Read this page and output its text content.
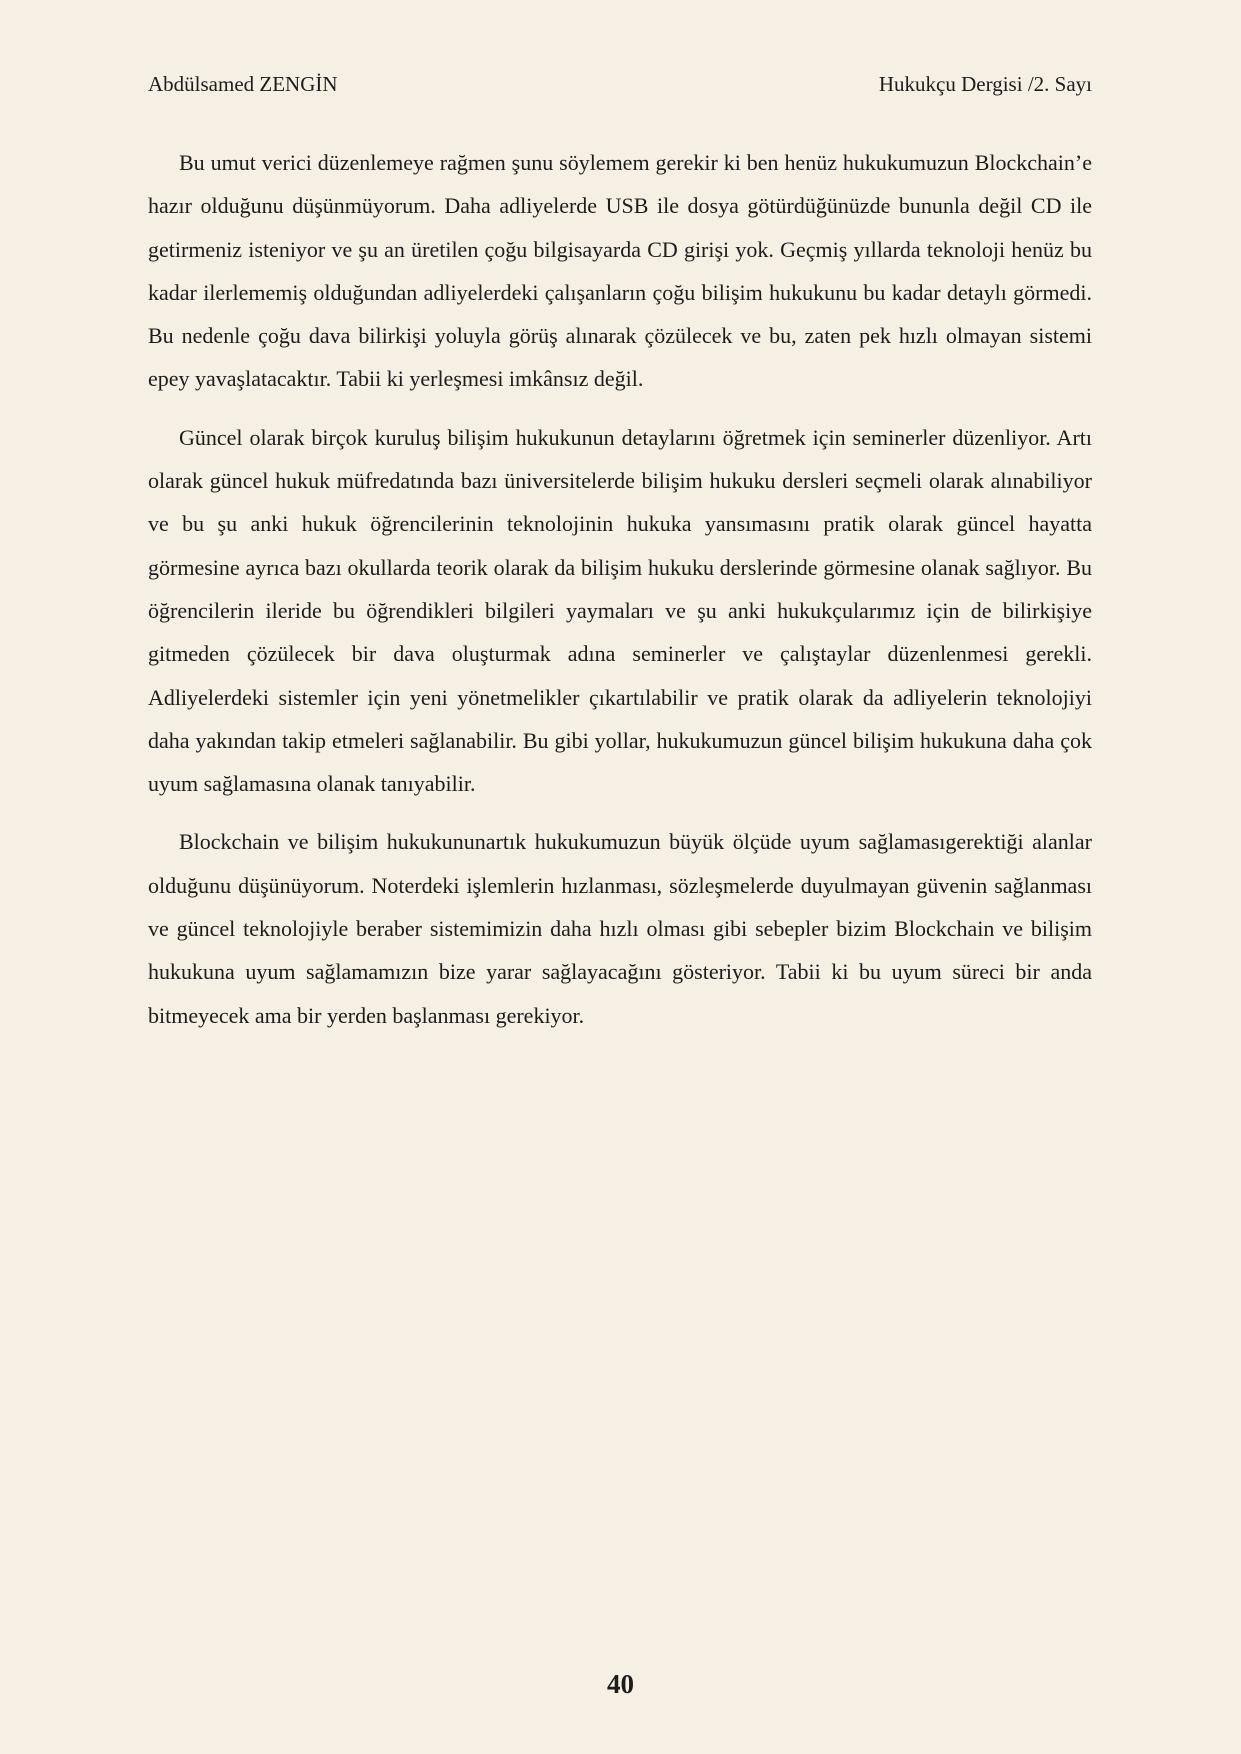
Abdülsamed ZENGİN	Hukukçu Dergisi /2. Sayı

Bu umut verici düzenlemeye rağmen şunu söylemem gerekir ki ben henüz hukukumuzun Blockchain’e hazır olduğunu düşünmüyorum. Daha adliyelerde USB ile dosya götürdüğünüzde bununla değil CD ile getirmeniz isteniyor ve şu an üretilen çoğu bilgisayarda CD girişi yok. Geçmiş yıllarda teknoloji henüz bu kadar ilerlememiş olduğundan adliyelerdeki çalışanların çoğu bilişim hukukunu bu kadar detaylı görmedi. Bu nedenle çoğu dava bilirkişi yoluyla görüş alınarak çözülecek ve bu, zaten pek hızlı olmayan sistemi epey yavaşlatacaktır. Tabii ki yerleşmesi imkânsız değil.

Güncel olarak birçok kuruluş bilişim hukukunun detaylarını öğretmek için seminerler düzenliyor. Artı olarak güncel hukuk müfredatında bazı üniversitelerde bilişim hukuku dersleri seçmeli olarak alınabiliyor ve bu şu anki hukuk öğrencilerinin teknolojinin hukuka yansımasını pratik olarak güncel hayatta görmesine ayrıca bazı okullarda teorik olarak da bilişim hukuku derslerinde görmesine olanak sağlıyor. Bu öğrencilerin ileride bu öğrendikleri bilgileri yaymaları ve şu anki hukukçularımız için de bilirkişiye gitmeden çözülecek bir dava oluşturmak adına seminerler ve çalıştaylar düzenlenmesi gerekli. Adliyelerdeki sistemler için yeni yönetmelikler çıkartılabilir ve pratik olarak da adliyelerin teknolojiyi daha yakından takip etmeleri sağlanabilir. Bu gibi yollar, hukukumuzun güncel bilişim hukukuna daha çok uyum sağlamasına olanak tanıyabilir.

Blockchain ve bilişim hukukununartık hukukumuzun büyük ölçüde uyum sağlamasıgerektiği alanlar olduğunu düşünüyorum. Noterdeki işlemlerin hızlanması, sözleşmelerde duyulmayan güvenin sağlanması ve güncel teknolojiyle beraber sistemimizin daha hızlı olması gibi sebepler bizim Blockchain ve bilişim hukukuna uyum sağlamamızın bize yarar sağlayacağını gösteriyor. Tabii ki bu uyum süreci bir anda bitmeyecek ama bir yerden başlanması gerekiyor.

40
